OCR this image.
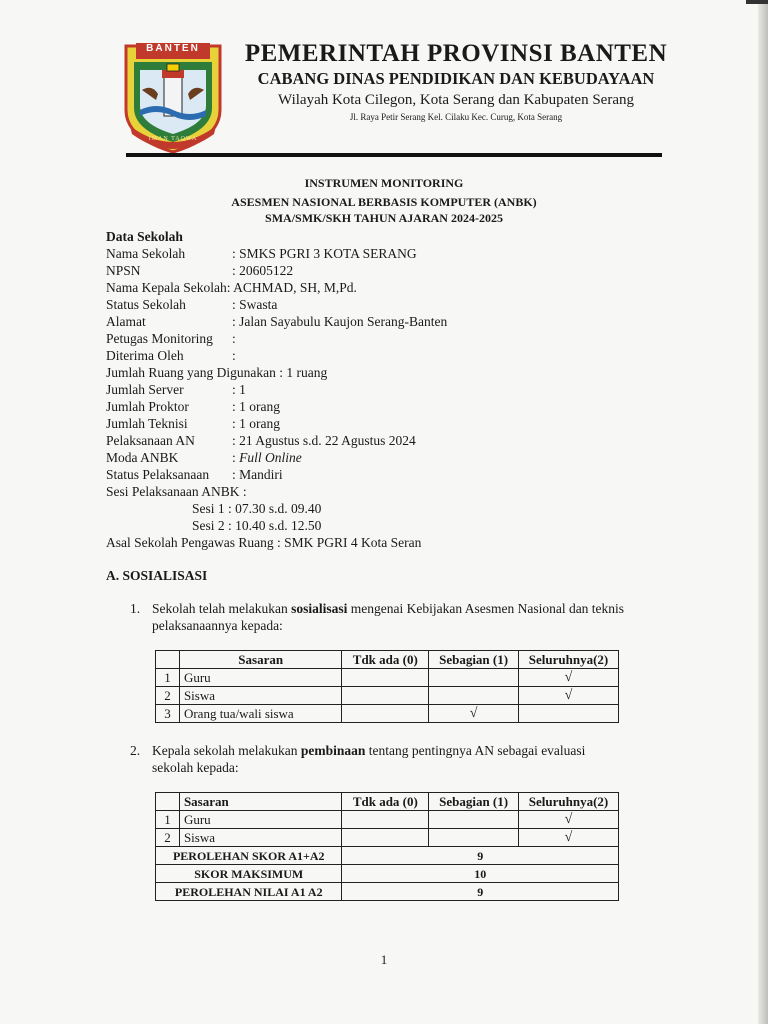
BANTEN
IMAN TAQWA
PEMERINTAH PROVINSI BANTEN
CABANG DINAS PENDIDIKAN DAN KEBUDAYAAN
Wilayah Kota Cilegon, Kota Serang dan Kabupaten Serang
Jl. Raya Petir Serang Kel. Cilaku Kec. Curug, Kota Serang
INSTRUMEN MONITORING
ASESMEN NASIONAL BERBASIS KOMPUTER (ANBK)
SMA/SMK/SKH TAHUN AJARAN 2024-2025
Data Sekolah
Nama Sekolah	: SMKS PGRI 3 KOTA SERANG
NPSN	: 20605122
Nama Kepala Sekolah : ACHMAD, SH, M,Pd.
Status Sekolah	: Swasta
Alamat	: Jalan Sayabulu Kaujon Serang-Banten
Petugas Monitoring	:
Diterima Oleh	:
Jumlah Ruang yang Digunakan : 1 ruang
Jumlah Server	: 1
Jumlah Proktor	: 1 orang
Jumlah Teknisi	: 1 orang
Pelaksanaan AN	: 21 Agustus s.d. 22 Agustus 2024
Moda ANBK	: Full Online
Status Pelaksanaan	: Mandiri
Sesi Pelaksanaan ANBK :
Sesi 1 : 07.30 s.d. 09.40
Sesi 2 : 10.40 s.d. 12.50
Asal Sekolah Pengawas Ruang : SMK PGRI 4 Kota Seran
A. SOSIALISASI
1. Sekolah telah melakukan sosialisasi mengenai Kebijakan Asesmen Nasional dan teknis pelaksanaannya kepada:
	Sasaran	Tdk ada (0)	Sebagian (1)	Seluruhnya(2)
1	Guru			√
2	Siswa			√
3	Orang tua/wali siswa		√	
2. Kepala sekolah melakukan pembinaan tentang pentingnya AN sebagai evaluasi sekolah kepada:
	Sasaran	Tdk ada (0)	Sebagian (1)	Seluruhnya(2)
1	Guru			√
2	Siswa			√
PEROLEHAN SKOR A1+A2		9		
SKOR MAKSIMUM		10		
PEROLEHAN NILAI A1 A2		9		
1
